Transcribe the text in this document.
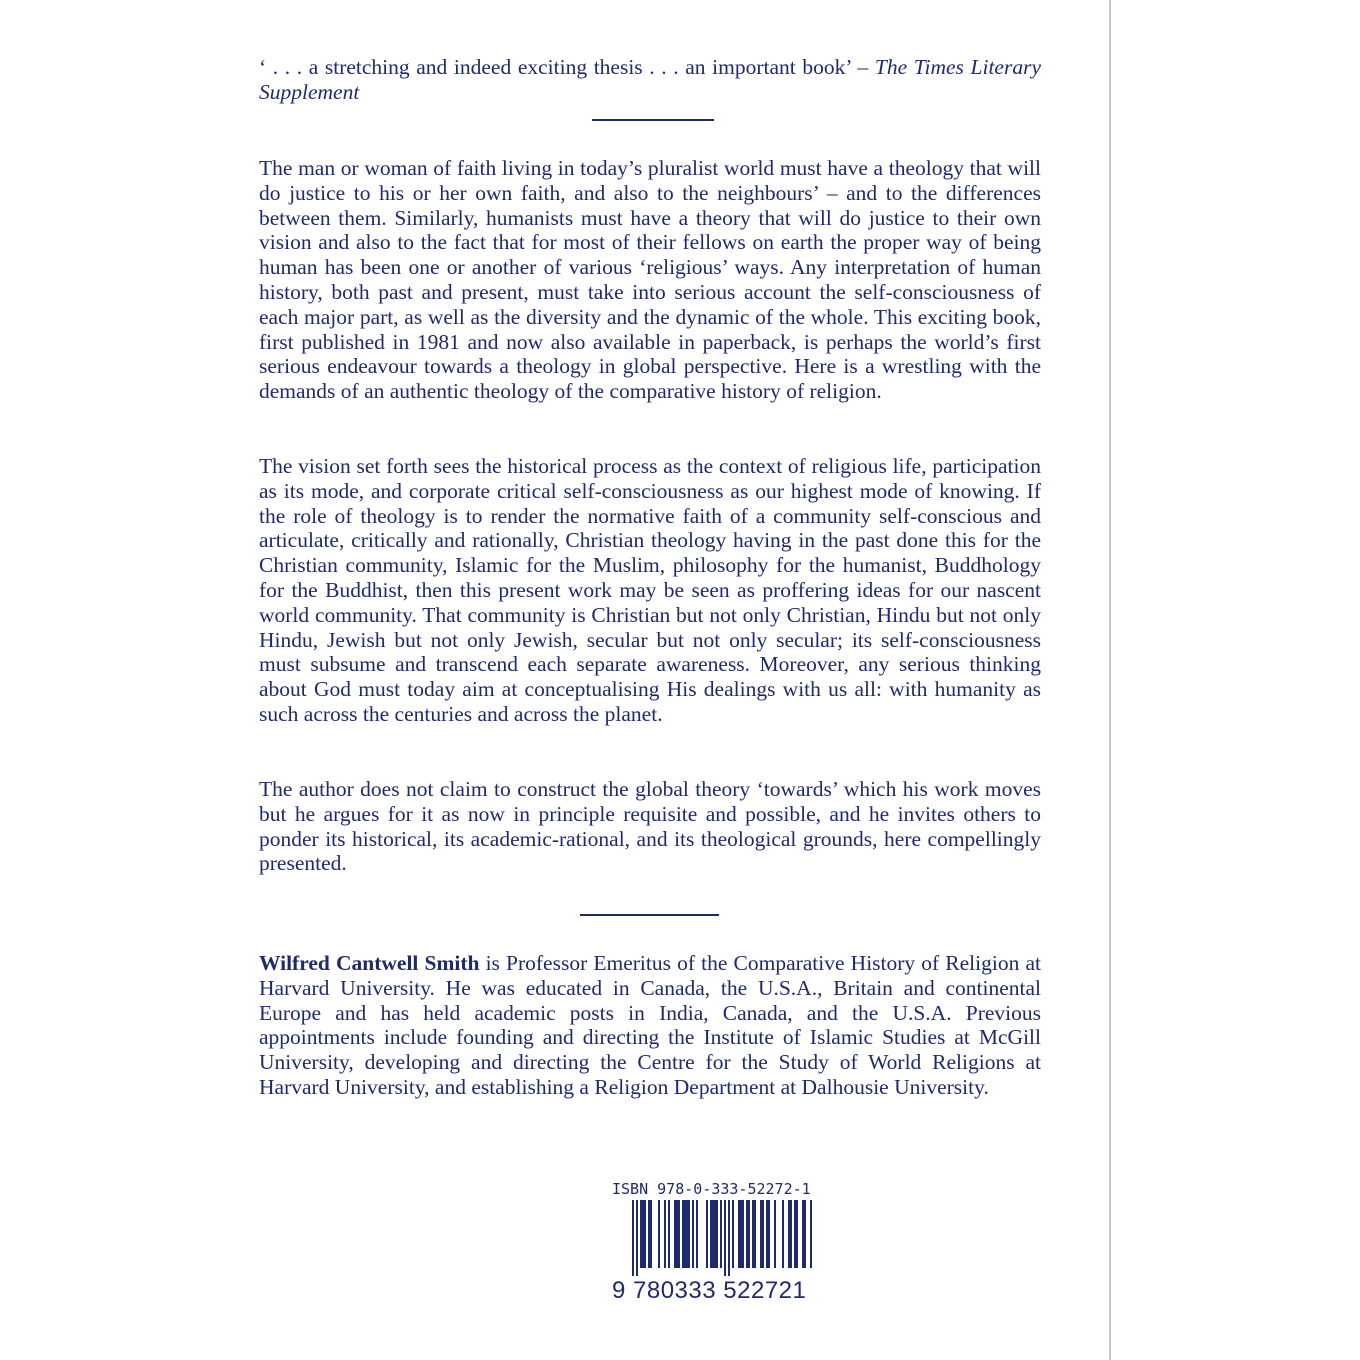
‘ . . . a stretching and indeed exciting thesis . . . an important book’ – The Times Literary Supplement

The man or woman of faith living in today’s pluralist world must have a theology that will do justice to his or her own faith, and also to the neighbours’ – and to the differences between them. Similarly, humanists must have a theory that will do justice to their own vision and also to the fact that for most of their fellows on earth the proper way of being human has been one or another of various ‘religious’ ways. Any interpretation of human history, both past and present, must take into serious account the self-consciousness of each major part, as well as the diversity and the dynamic of the whole. This exciting book, first published in 1981 and now also available in paperback, is perhaps the world’s first serious endeavour towards a theology in global perspective. Here is a wrestling with the demands of an authentic theology of the comparative history of religion.

The vision set forth sees the historical process as the context of religious life, participation as its mode, and corporate critical self-consciousness as our highest mode of knowing. If the role of theology is to render the normative faith of a community self-conscious and articulate, critically and rationally, Christian theology having in the past done this for the Christian community, Islamic for the Muslim, philosophy for the humanist, Buddhology for the Buddhist, then this present work may be seen as proffering ideas for our nascent world community. That community is Christian but not only Christian, Hindu but not only Hindu, Jewish but not only Jewish, secular but not only secular; its self-consciousness must subsume and transcend each separate awareness. Moreover, any serious thinking about God must today aim at conceptualising His dealings with us all: with humanity as such across the centuries and across the planet.

The author does not claim to construct the global theory ‘towards’ which his work moves but he argues for it as now in principle requisite and possible, and he invites others to ponder its historical, its academic-rational, and its theological grounds, here compellingly presented.

Wilfred Cantwell Smith is Professor Emeritus of the Comparative History of Religion at Harvard University. He was educated in Canada, the U.S.A., Britain and continental Europe and has held academic posts in India, Canada, and the U.S.A. Previous appointments include founding and directing the Institute of Islamic Studies at McGill University, developing and directing the Centre for the Study of World Religions at Harvard University, and establishing a Religion Department at Dalhousie University.

ISBN 978-0-333-52272-1
9 780333 522721
